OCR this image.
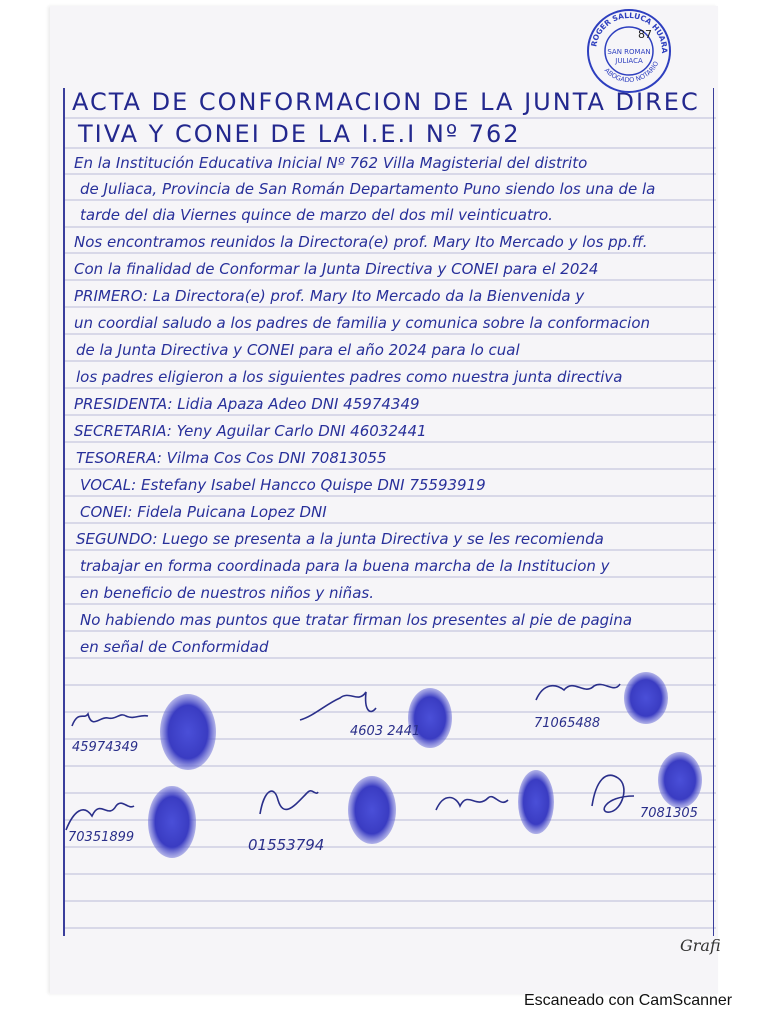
ACTA DE CONFORMACION DE LA JUNTA DIREC
TIVA Y CONEI DE LA I.E.I Nº 762
En la Institución Educativa Inicial Nº 762 Villa Magisterial del distrito
de Juliaca, Provincia de San Román Departamento Puno siendo los una de la
tarde del dia Viernes quince de marzo del dos mil veinticuatro.
Nos encontramos reunidos la Directora(e) prof. Mary Ito Mercado y los pp.ff.
Con la finalidad de Conformar la Junta Directiva y CONEI para el 2024
PRIMERO: La Directora(e) prof. Mary Ito Mercado da la Bienvenida y
un coordial saludo a los padres de familia y comunica sobre la conformacion
de la Junta Directiva y CONEI para el año 2024 para lo cual
los padres eligieron a los siguientes padres como nuestra junta directiva
PRESIDENTA: Lidia Apaza Adeo DNI 45974349
SECRETARIA: Yeny Aguilar Carlo DNI 46032441
TESORERA: Vilma Cos Cos DNI 70813055
VOCAL: Estefany Isabel Hancco Quispe DNI 75593919
CONEI: Fidela Puicana Lopez DNI
SEGUNDO: Luego se presenta a la junta Directiva y se les recomienda
trabajar en forma coordinada para la buena marcha de la Institucion y
en beneficio de nuestros niños y niñas.
No habiendo mas puntos que tratar firman los presentes al pie de pagina
en señal de Conformidad
ROGER SALLUCA HUARA
ABOGADO NOTARIO
87
SAN ROMAN
JULIACA
45974349
4603 2441
71065488
70351899	01553794
7081305
Grafi
Escaneado con CamScanner
